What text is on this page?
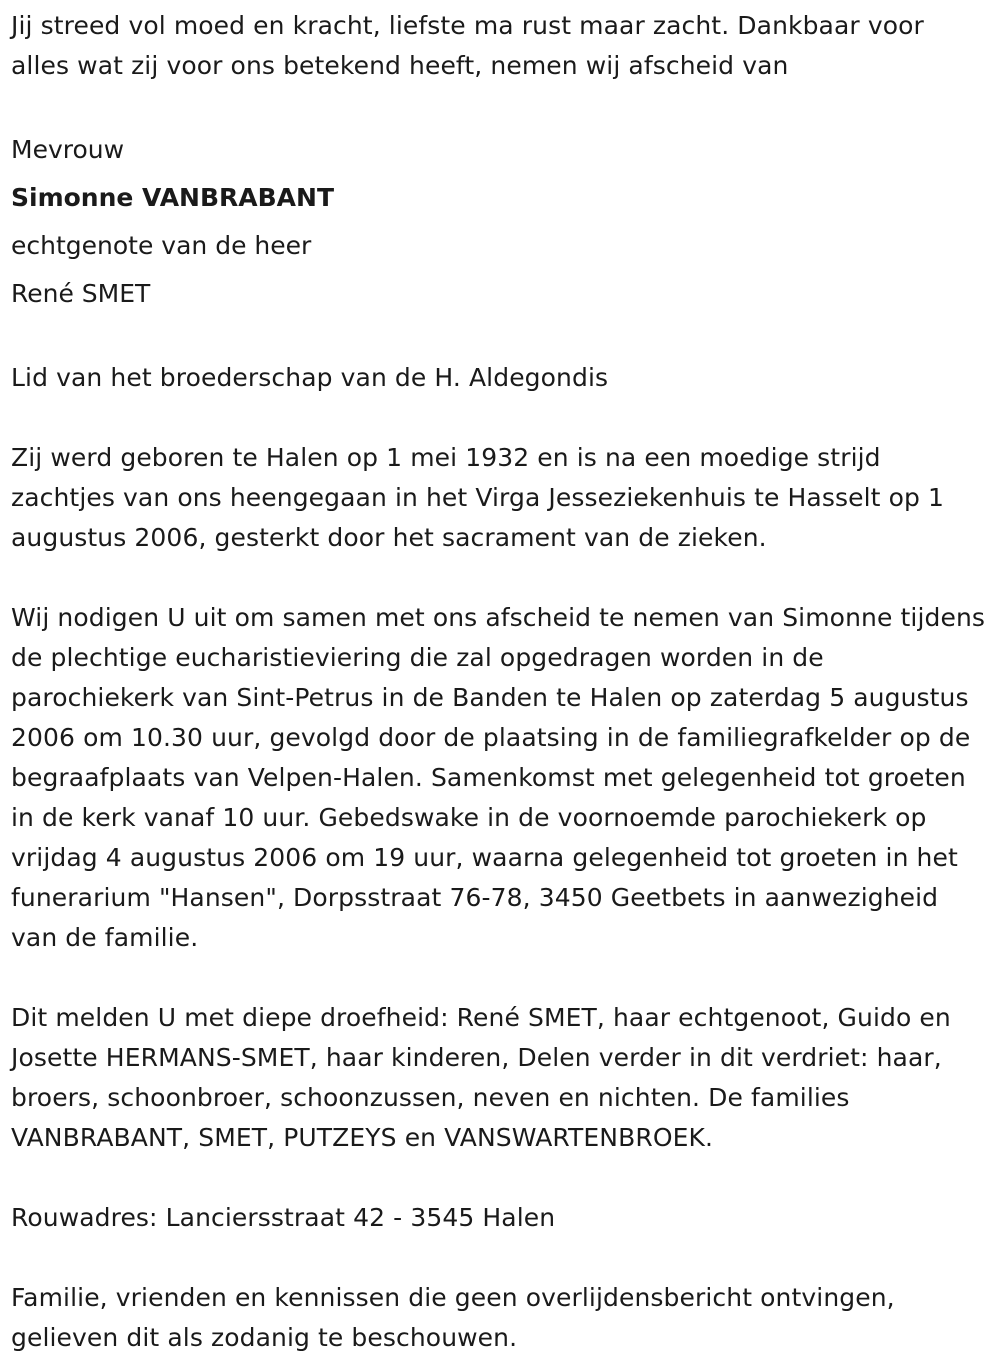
Jij streed vol moed en kracht, liefste ma rust maar zacht. Dankbaar voor alles wat zij voor ons betekend heeft, nemen wij afscheid van

Mevrouw

Simonne VANBRABANT

echtgenote van de heer

René SMET

Lid van het broederschap van de H. Aldegondis

Zij werd geboren te Halen op 1 mei 1932 en is na een moedige strijd zachtjes van ons heengegaan in het Virga Jesseziekenhuis te Hasselt op 1 augustus 2006, gesterkt door het sacrament van de zieken.

Wij nodigen U uit om samen met ons afscheid te nemen van Simonne tijdens de plechtige eucharistieviering die zal opgedragen worden in de parochiekerk van Sint-Petrus in de Banden te Halen op zaterdag 5 augustus 2006 om 10.30 uur, gevolgd door de plaatsing in de familiegrafkelder op de begraafplaats van Velpen-Halen. Samenkomst met gelegenheid tot groeten in de kerk vanaf 10 uur. Gebedswake in de voornoemde parochiekerk op vrijdag 4 augustus 2006 om 19 uur, waarna gelegenheid tot groeten in het funerarium "Hansen", Dorpsstraat 76-78, 3450 Geetbets in aanwezigheid van de familie.

Dit melden U met diepe droefheid: René SMET, haar echtgenoot, Guido en Josette HERMANS-SMET, haar kinderen, Delen verder in dit verdriet: haar, broers, schoonbroer, schoonzussen, neven en nichten. De families VANBRABANT, SMET, PUTZEYS en VANSWARTENBROEK.

Rouwadres: Lanciersstraat 42 - 3545 Halen

Familie, vrienden en kennissen die geen overlijdensbericht ontvingen, gelieven dit als zodanig te beschouwen.
